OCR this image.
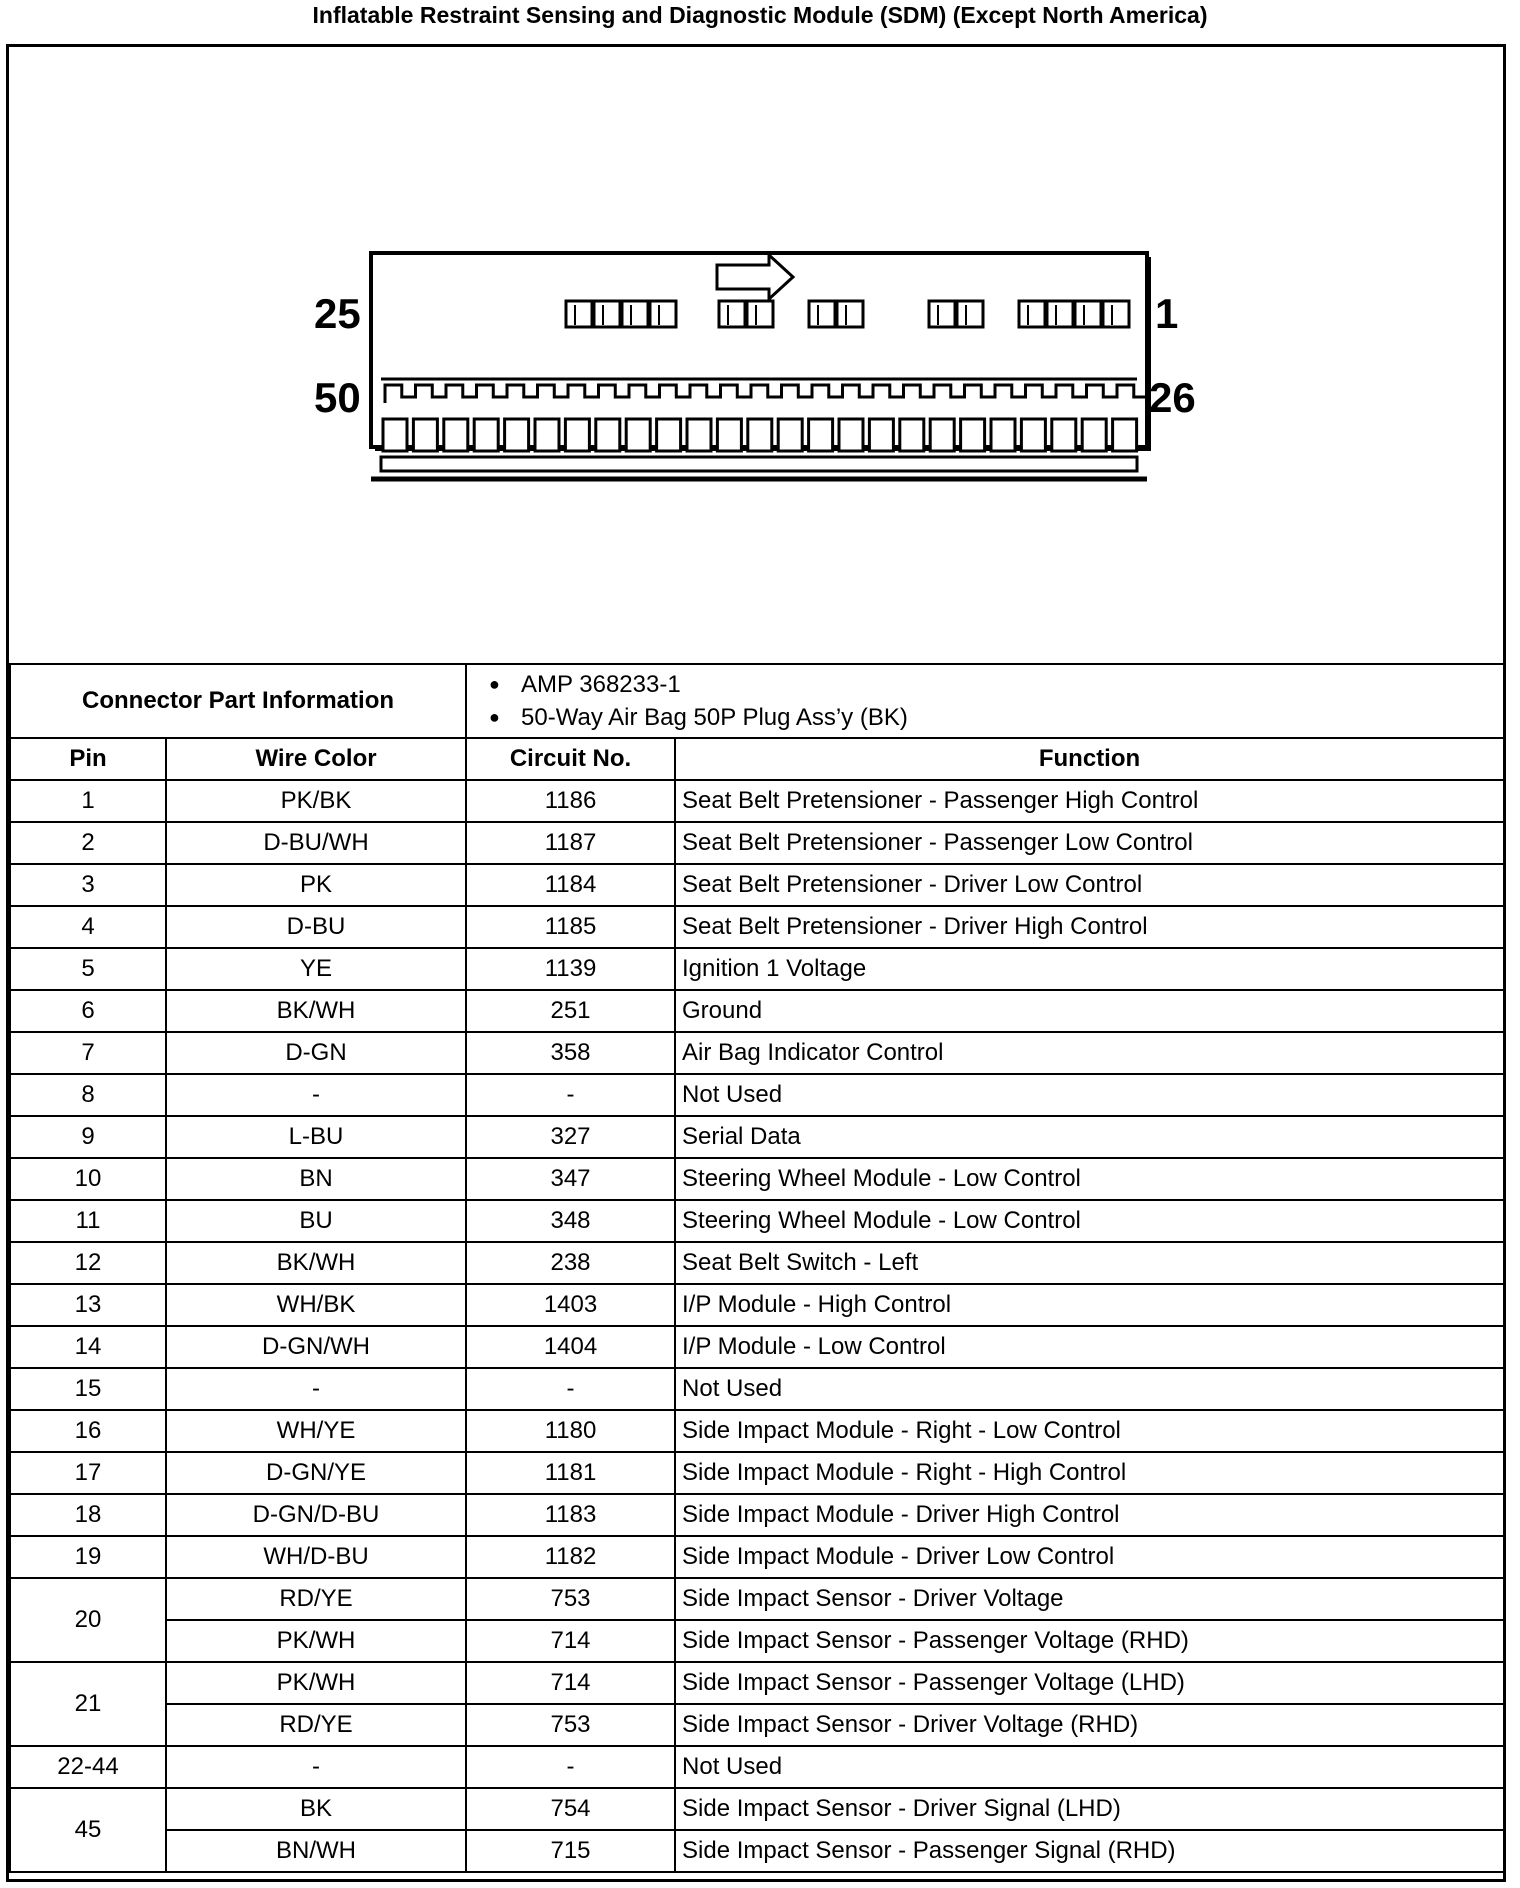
Inflatable Restraint Sensing and Diagnostic Module (SDM) (Except North America)
25	1
50	26
Connector Part Information		● AMP 368233-1
● 50-Way Air Bag 50P Plug Ass’y (BK)

Pin	Wire Color	Circuit No.	Function
1	PK/BK	1186	Seat Belt Pretensioner - Passenger High Control
2	D-BU/WH	1187	Seat Belt Pretensioner - Passenger Low Control
3	PK	1184	Seat Belt Pretensioner - Driver Low Control
4	D-BU	1185	Seat Belt Pretensioner - Driver High Control
5	YE	1139	Ignition 1 Voltage
6	BK/WH	251	Ground
7	D-GN	358	Air Bag Indicator Control
8	-	-	Not Used
9	L-BU	327	Serial Data
10	BN	347	Steering Wheel Module - Low Control
11	BU	348	Steering Wheel Module - Low Control
12	BK/WH	238	Seat Belt Switch - Left
13	WH/BK	1403	I/P Module - High Control
14	D-GN/WH	1404	I/P Module - Low Control
15	-	-	Not Used
16	WH/YE	1180	Side Impact Module - Right - Low Control
17	D-GN/YE	1181	Side Impact Module - Right - High Control
18	D-GN/D-BU	1183	Side Impact Module - Driver High Control
19	WH/D-BU	1182	Side Impact Module - Driver Low Control
20	RD/YE	753	Side Impact Sensor - Driver Voltage
	PK/WH	714	Side Impact Sensor - Passenger Voltage (RHD)
21	PK/WH	714	Side Impact Sensor - Passenger Voltage (LHD)
	RD/YE	753	Side Impact Sensor - Driver Voltage (RHD)
22-44	-	-	Not Used
45	BK	754	Side Impact Sensor - Driver Signal (LHD)
	BN/WH	715	Side Impact Sensor - Passenger Signal (RHD)
